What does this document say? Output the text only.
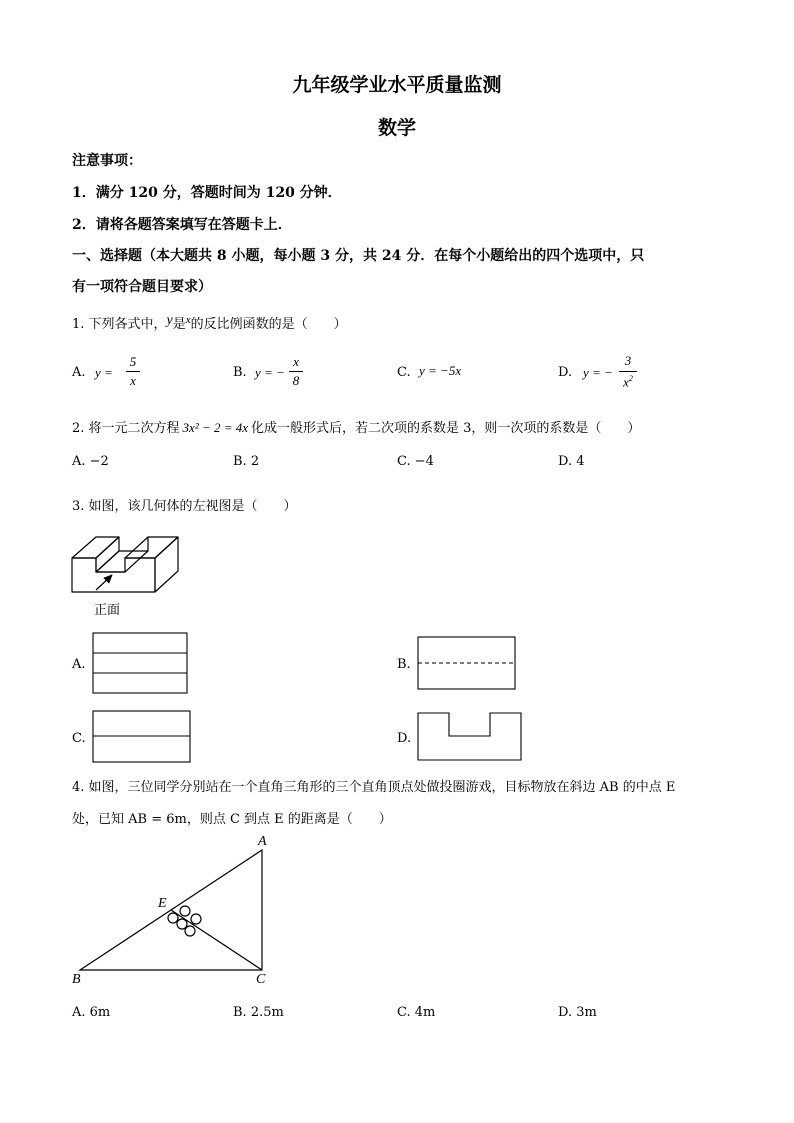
九年级学业水平质量监测
数学
注意事项：
1．满分 120 分，答题时间为 120 分钟．
2．请将各题答案填写在答题卡上．
一、选择题（本大题共 8 小题，每小题 3 分，共 24 分．在每个小题给出的四个选项中，只
有一项符合题目要求）
1. 下列各式中，y是$^x$的反比例函数的是（　　）
A. y =
5
x
B. y = −
x
8
C. y = −5x	D. y = −
3
$x^2$
2. 将一元二次方程 3x² − 2 = 4x 化成一般形式后，若二次项的系数是 3，则一次项的系数是（　　）
A. −2	B. 2	C. −4	D. 4
3. 如图，该几何体的左视图是（　　）
正面
A.	B.
C.	D.
4. 如图，三位同学分别站在一个直角三角形的三个直角顶点处做投圈游戏，目标物放在斜边 AB 的中点 E
处，已知 AB = 6m，则点 C 到点 E 的距离是（　　）
A
B	C
E
A. 6m	B. 2.5m	C. 4m	D. 3m
